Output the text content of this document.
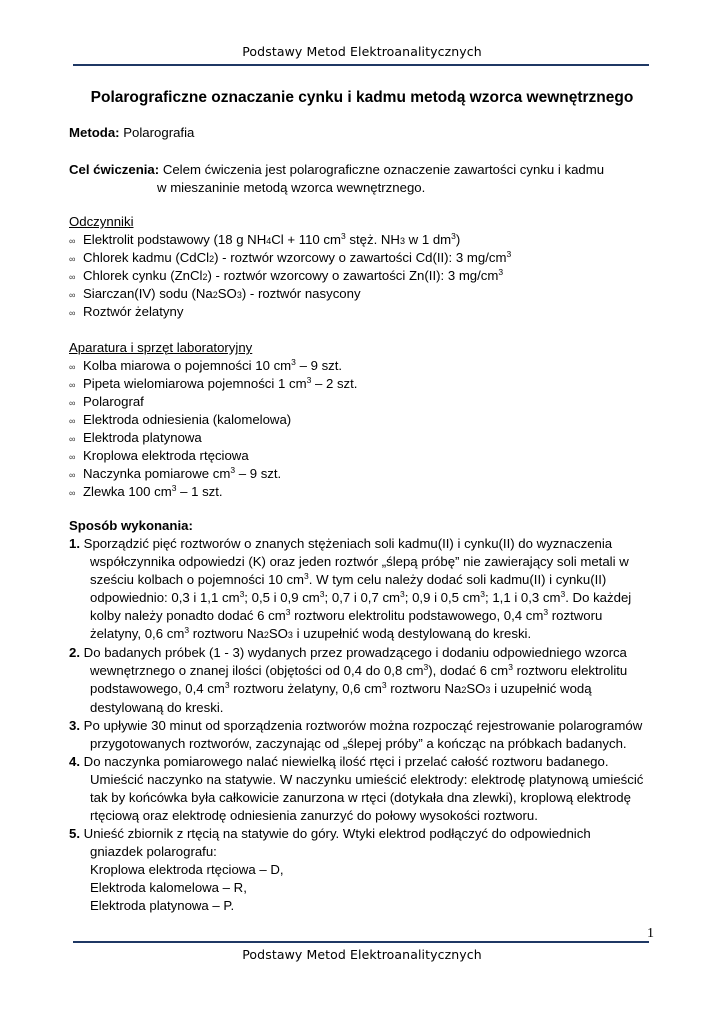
Podstawy Metod Elektroanalitycznych
Polarograficzne oznaczanie cynku i kadmu metodą wzorca wewnętrznego
Metoda: Polarografia
Cel ćwiczenia: Celem ćwiczenia jest polarograficzne oznaczenie zawartości cynku i kadmu
w mieszaninie metodą wzorca wewnętrznego.
Odczynniki
∞ Elektrolit podstawowy (18 g NH4Cl + 110 $cm^3$ stęż. NH3 w 1 $dm^3$)
∞ Chlorek kadmu (CdCl2) - roztwór wzorcowy o zawartości Cd(II): 3 $mg/cm^3$
∞ Chlorek cynku (ZnCl2) - roztwór wzorcowy o zawartości Zn(II): 3 $mg/cm^3$
∞ Siarczan(IV) sodu (Na2SO3) - roztwór nasycony
∞ Roztwór żelatyny
Aparatura i sprzęt laboratoryjny
∞ Kolba miarowa o pojemności 10 $cm^3 - 9$ szt.
∞ Pipeta wielomiarowa pojemności 1 $cm^3 - 2$ szt.
∞ Polarograf
∞ Elektroda odniesienia (kalomelowa)
∞ Elektroda platynowa
∞ Kroplowa elektroda rtęciowa
∞ Naczynka pomiarowe $cm^3 - 9$ szt.
∞ Zlewka 100 $cm^3 - 1$ szt.
Sposób wykonania:
1. Sporządzić pięć roztworów o znanych stężeniach soli kadmu(II) i cynku(II) do wyznaczenia
współczynnika odpowiedzi (K) oraz jeden roztwór „ślepą próbę” nie zawierający soli metali w
sześciu kolbach o pojemności 10 $cm^3$. W tym celu należy dodać soli kadmu(II) i cynku(II)
odpowiednio: 0,3 i 1,1 $cm^3$; 0,5 i 0,9 $cm^3$; 0,7 i 0,7 $cm^3$; 0,9 i 0,5 $cm^3$; 1,1 i 0,3 $cm^3$. Do każdej
kolby należy ponadto dodać 6 $cm^3$ roztworu elektrolitu podstawowego, 0,4 $cm^3$ roztworu
żelatyny, 0,6 $cm^3$ roztworu Na2SO3 i uzupełnić wodą destylowaną do kreski.
2. Do badanych próbek (1 - 3) wydanych przez prowadzącego i dodaniu odpowiedniego wzorca
wewnętrznego o znanej ilości (objętości od 0,4 do 0,8 $cm^3$), dodać 6 $cm^3$ roztworu elektrolitu
podstawowego, 0,4 $cm^3$ roztworu żelatyny, 0,6 $cm^3$ roztworu Na2SO3 i uzupełnić wodą
destylowaną do kreski.
3. Po upływie 30 minut od sporządzenia roztworów można rozpocząć rejestrowanie polarogramów
przygotowanych roztworów, zaczynając od „ślepej próby” a kończąc na próbkach badanych.
4. Do naczynka pomiarowego nalać niewielką ilość rtęci i przelać całość roztworu badanego.
Umieścić naczynko na statywie. W naczynku umieścić elektrody: elektrodę platynową umieścić
tak by końcówka była całkowicie zanurzona w rtęci (dotykała dna zlewki), kroplową elektrodę
rtęciową oraz elektrodę odniesienia zanurzyć do połowy wysokości roztworu.
5. Unieść zbiornik z rtęcią na statywie do góry. Wtyki elektrod podłączyć do odpowiednich
gniazdek polarografu:
Kroplowa elektroda rtęciowa – D,
Elektroda kalomelowa – R,
Elektroda platynowa – P.
1
Podstawy Metod Elektroanalitycznych
